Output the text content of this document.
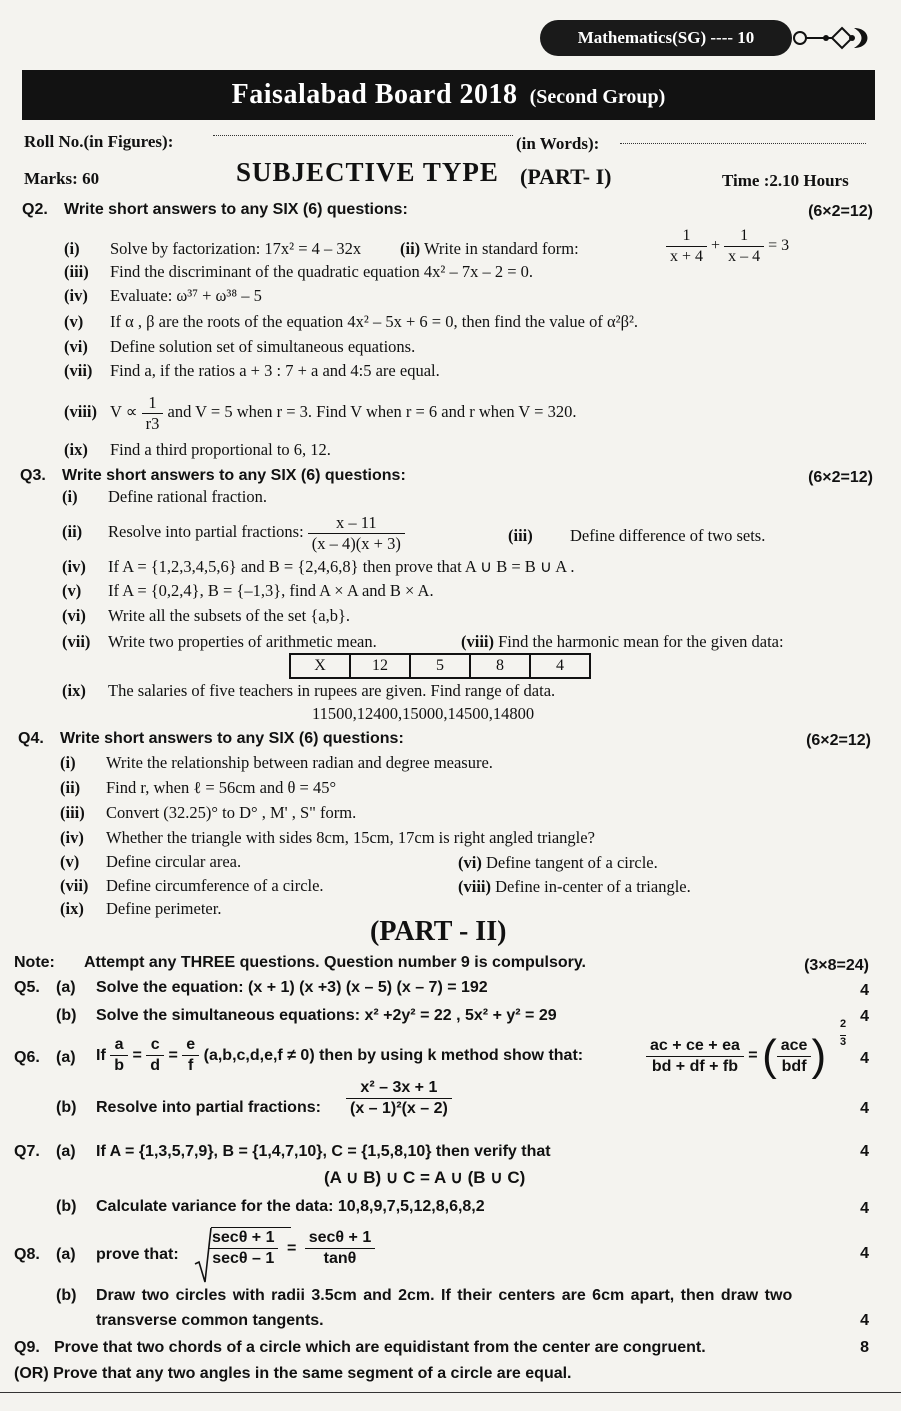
Mathematics(SG) ---- 10
Faisalabad Board 2018 (Second Group)
Roll No.(in Figures):	(in Words):
Marks: 60	SUBJECTIVE TYPE (PART- I)	Time :2.10 Hours
Q2. Write short answers to any SIX (6) questions:	(6×2=12)
(i) Solve by factorization: 17x² = 4 – 32x (ii) Write in standard form:	$\frac{1}{x + 4} + \frac{1}{x - 4} = 3$
(iii) Find the discriminant of the quadratic equation 4x² – 7x – 2 = 0.
(iv) Evaluate: ω³⁷ + ω³⁸ – 5
(v) If α , β are the roots of the equation 4x² – 5x + 6 = 0, then find the value of α²β².
(vi) Define solution set of simultaneous equations.
(vii) Find a, if the ratios a + 3 : 7 + a and 4:5 are equal.
(viii) $V \propto \frac{1}{r3}$ and V = 5 when r = 3. Find V when r = 6 and r when V = 320.
(ix) Find a third proportional to 6, 12.
Q3. Write short answers to any SIX (6) questions:	(6×2=12)
(i) Define rational fraction.
(ii) Resolve into partial fractions: $\frac{x - 11}{(x - 4)(x + 3)}$	(iii) Define difference of two sets.
(iv) If A = {1,2,3,4,5,6} and B = {2,4,6,8} then prove that A ∪ B = B ∪ A .
(v) If A = {0,2,4}, B = {–1,3}, find A × A and B × A.
(vi) Write all the subsets of the set {a,b}.
(vii) Write two properties of arithmetic mean.	(viii) Find the harmonic mean for the given data:
X	12	5	8	4
(ix) The salaries of five teachers in rupees are given. Find range of data.
11500,12400,15000,14500,14800
Q4. Write short answers to any SIX (6) questions:	(6×2=12)
(i) Write the relationship between radian and degree measure.
(ii) Find r, when ℓ = 56cm and θ = 45°
(iii) Convert (32.25)° to D° , M' , S" form.
(iv) Whether the triangle with sides 8cm, 15cm, 17cm is right angled triangle?
(v) Define circular area.	(vi) Define tangent of a circle.
(vii) Define circumference of a circle.	(viii) Define in-center of a triangle.
(ix) Define perimeter.
(PART - II)
Note: Attempt any THREE questions. Question number 9 is compulsory.	(3×8=24)
Q5. (a) Solve the equation: (x + 1) (x +3) (x – 5) (x – 7) = 192	4
(b) Solve the simultaneous equations: x² +2y² = 22 , 5x² + y² = 29	4
Q6. (a) If $\frac{a}{b} = \frac{c}{d} = \frac{e}{f} (a,b,c,d,e,f \ne 0)$ then by using k method show that:	$\frac{ac + ce + ea}{bd + df + fb}$ = ( $\frac{\text{ace}}{\text{bdf}}$ )
2
3
4
(b) Resolve into partial fractions: $\frac{\text{x² – 3x + 1}}{\text{(x – 1)²(x – 2)}}$	4
Q7. (a) If A = {1,3,5,7,9}, B = {1,4,7,10}, C = {1,5,8,10} then verify that	4
(A ∪ B) ∪ C = A ∪ (B ∪ C)
(b) Calculate variance for the data: 10,8,9,7,5,12,8,6,8,2	4
Q8. (a) prove that: $\frac{\sec\theta + 1}{\sec\theta - 1} = \frac{\sec\theta + 1}{\tan\theta}$	4
(b) Draw two circles with radii 3.5cm and 2cm. If their centers are 6cm apart, then draw two
transverse common tangents.	4
Q9. Prove that two chords of a circle which are equidistant from the center are congruent.	8
(OR) Prove that any two angles in the same segment of a circle are equal.
